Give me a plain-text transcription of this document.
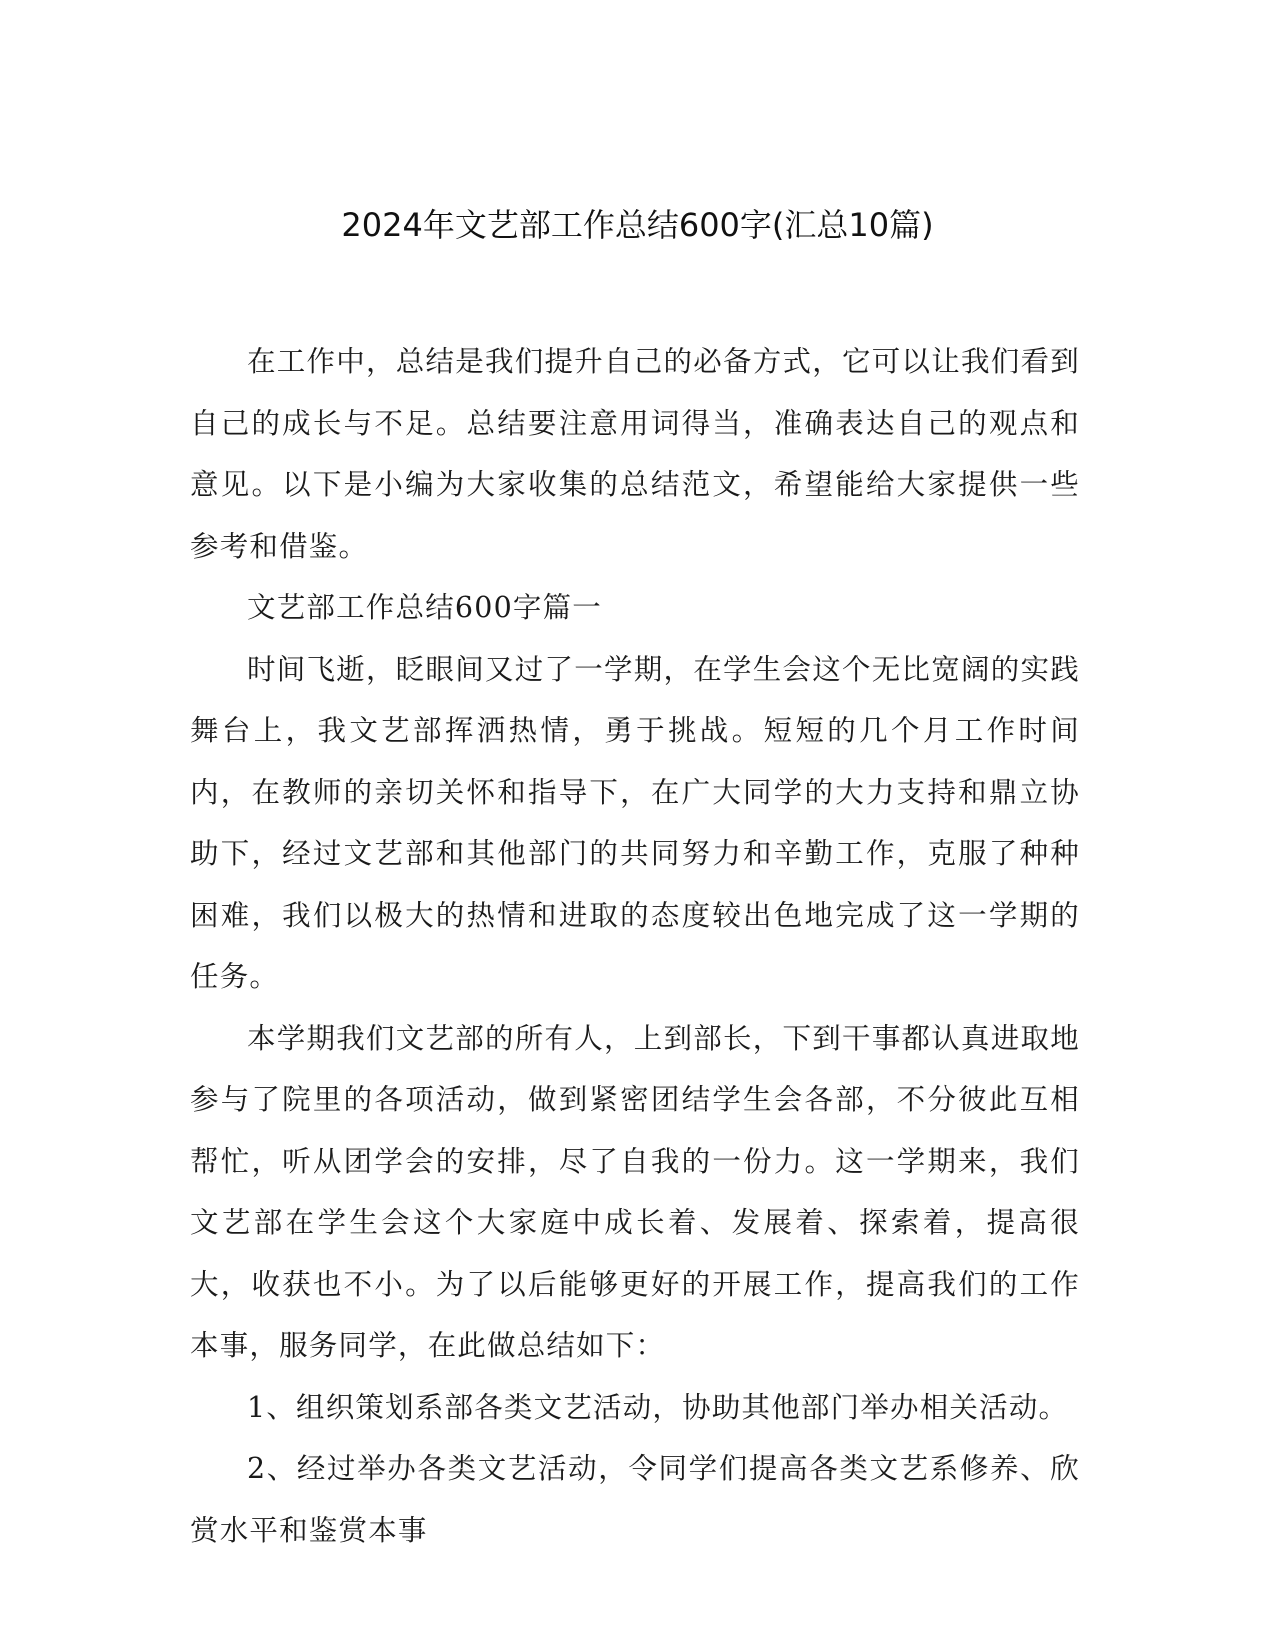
2024年文艺部工作总结600字(汇总10篇)

在工作中，总结是我们提升自己的必备方式，它可以让我们看到自己的成长与不足。总结要注意用词得当，准确表达自己的观点和意见。以下是小编为大家收集的总结范文，希望能给大家提供一些参考和借鉴。

文艺部工作总结600字篇一

时间飞逝，眨眼间又过了一学期，在学生会这个无比宽阔的实践舞台上，我文艺部挥洒热情，勇于挑战。短短的几个月工作时间内，在教师的亲切关怀和指导下，在广大同学的大力支持和鼎立协助下，经过文艺部和其他部门的共同努力和辛勤工作，克服了种种困难，我们以极大的热情和进取的态度较出色地完成了这一学期的任务。

本学期我们文艺部的所有人，上到部长，下到干事都认真进取地参与了院里的各项活动，做到紧密团结学生会各部，不分彼此互相帮忙，听从团学会的安排，尽了自我的一份力。这一学期来，我们文艺部在学生会这个大家庭中成长着、发展着、探索着，提高很大，收获也不小。为了以后能够更好的开展工作，提高我们的工作本事，服务同学，在此做总结如下：

1、组织策划系部各类文艺活动，协助其他部门举办相关活动。

2、经过举办各类文艺活动，令同学们提高各类文艺系修养、欣赏水平和鉴赏本事
